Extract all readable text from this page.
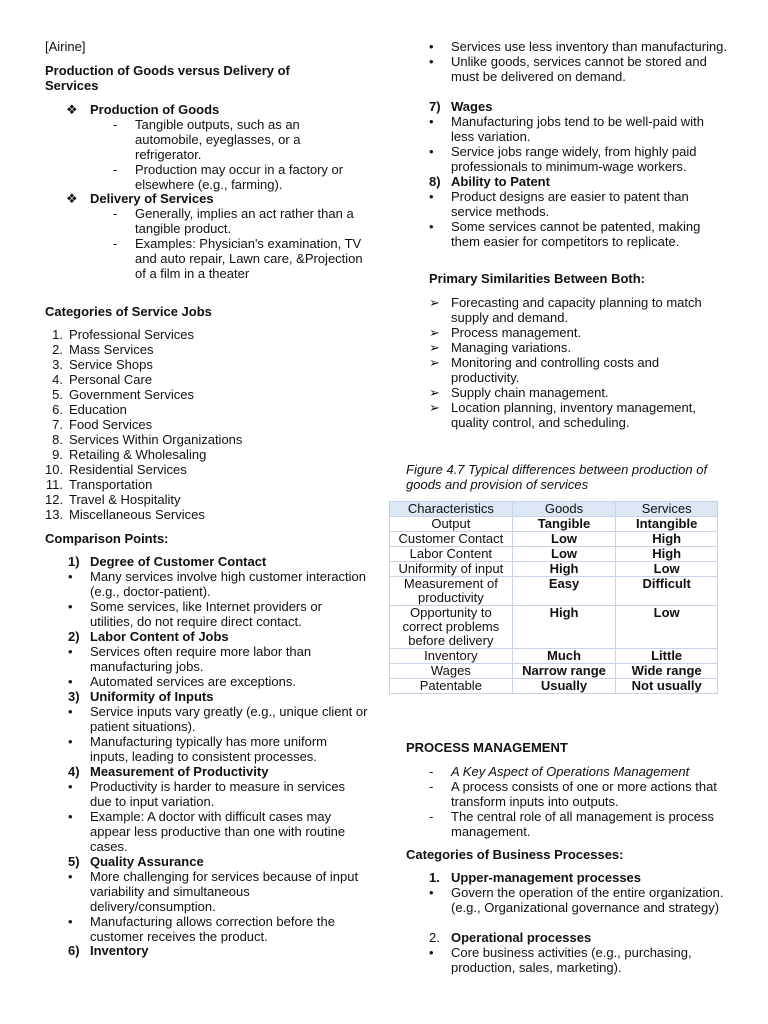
[Airine]
Production of Goods versus Delivery of Services
❖ Production of Goods
-	Tangible outputs, such as an automobile, eyeglasses, or a refrigerator.
-	Production may occur in a factory or elsewhere (e.g., farming).
❖ Delivery of Services
-	Generally, implies an act rather than a tangible product.
-	Examples: Physician's examination, TV and auto repair, Lawn care, &Projection of a film in a theater
Categories of Service Jobs
1. Professional Services
2. Mass Services
3. Service Shops
4. Personal Care
5. Government Services
6. Education
7. Food Services
8. Services Within Organizations
9. Retailing & Wholesaling
10. Residential Services
11. Transportation
12. Travel & Hospitality
13. Miscellaneous Services
Comparison Points:
1) Degree of Customer Contact
•	Many services involve high customer interaction (e.g., doctor-patient).
•	Some services, like Internet providers or utilities, do not require direct contact.
2) Labor Content of Jobs
•	Services often require more labor than manufacturing jobs.
•	Automated services are exceptions.
3) Uniformity of Inputs
•	Service inputs vary greatly (e.g., unique client or patient situations).
•	Manufacturing typically has more uniform inputs, leading to consistent processes.
4) Measurement of Productivity
•	Productivity is harder to measure in services due to input variation.
•	Example: A doctor with difficult cases may appear less productive than one with routine cases.
5) Quality Assurance
•	More challenging for services because of input variability and simultaneous delivery/consumption.
•	Manufacturing allows correction before the customer receives the product.
6) Inventory
•	Services use less inventory than manufacturing.
•	Unlike goods, services cannot be stored and must be delivered on demand.
7) Wages
•	Manufacturing jobs tend to be well-paid with less variation.
•	Service jobs range widely, from highly paid professionals to minimum-wage workers.
8) Ability to Patent
•	Product designs are easier to patent than service methods.
•	Some services cannot be patented, making them easier for competitors to replicate.
Primary Similarities Between Both:
➢ Forecasting and capacity planning to match supply and demand.
➢ Process management.
➢ Managing variations.
➢ Monitoring and controlling costs and productivity.
➢ Supply chain management.
➢ Location planning, inventory management, quality control, and scheduling.
Figure 4.7 Typical differences between production of goods and provision of services
Characteristics	Goods	Services
Output	Tangible	Intangible
Customer Contact	Low	High
Labor Content	Low	High
Uniformity of input	High	Low
Measurement of productivity	Easy	Difficult
Opportunity to correct problems before delivery	High	Low
Inventory	Much	Little
Wages	Narrow range	Wide range
Patentable	Usually	Not usually
PROCESS MANAGEMENT
-	A Key Aspect of Operations Management
-	A process consists of one or more actions that transform inputs into outputs.
-	The central role of all management is process management.
Categories of Business Processes:
1. Upper-management processes
•	Govern the operation of the entire organization. (e.g., Organizational governance and strategy)
2. Operational processes
•	Core business activities (e.g., purchasing, production, sales, marketing).
